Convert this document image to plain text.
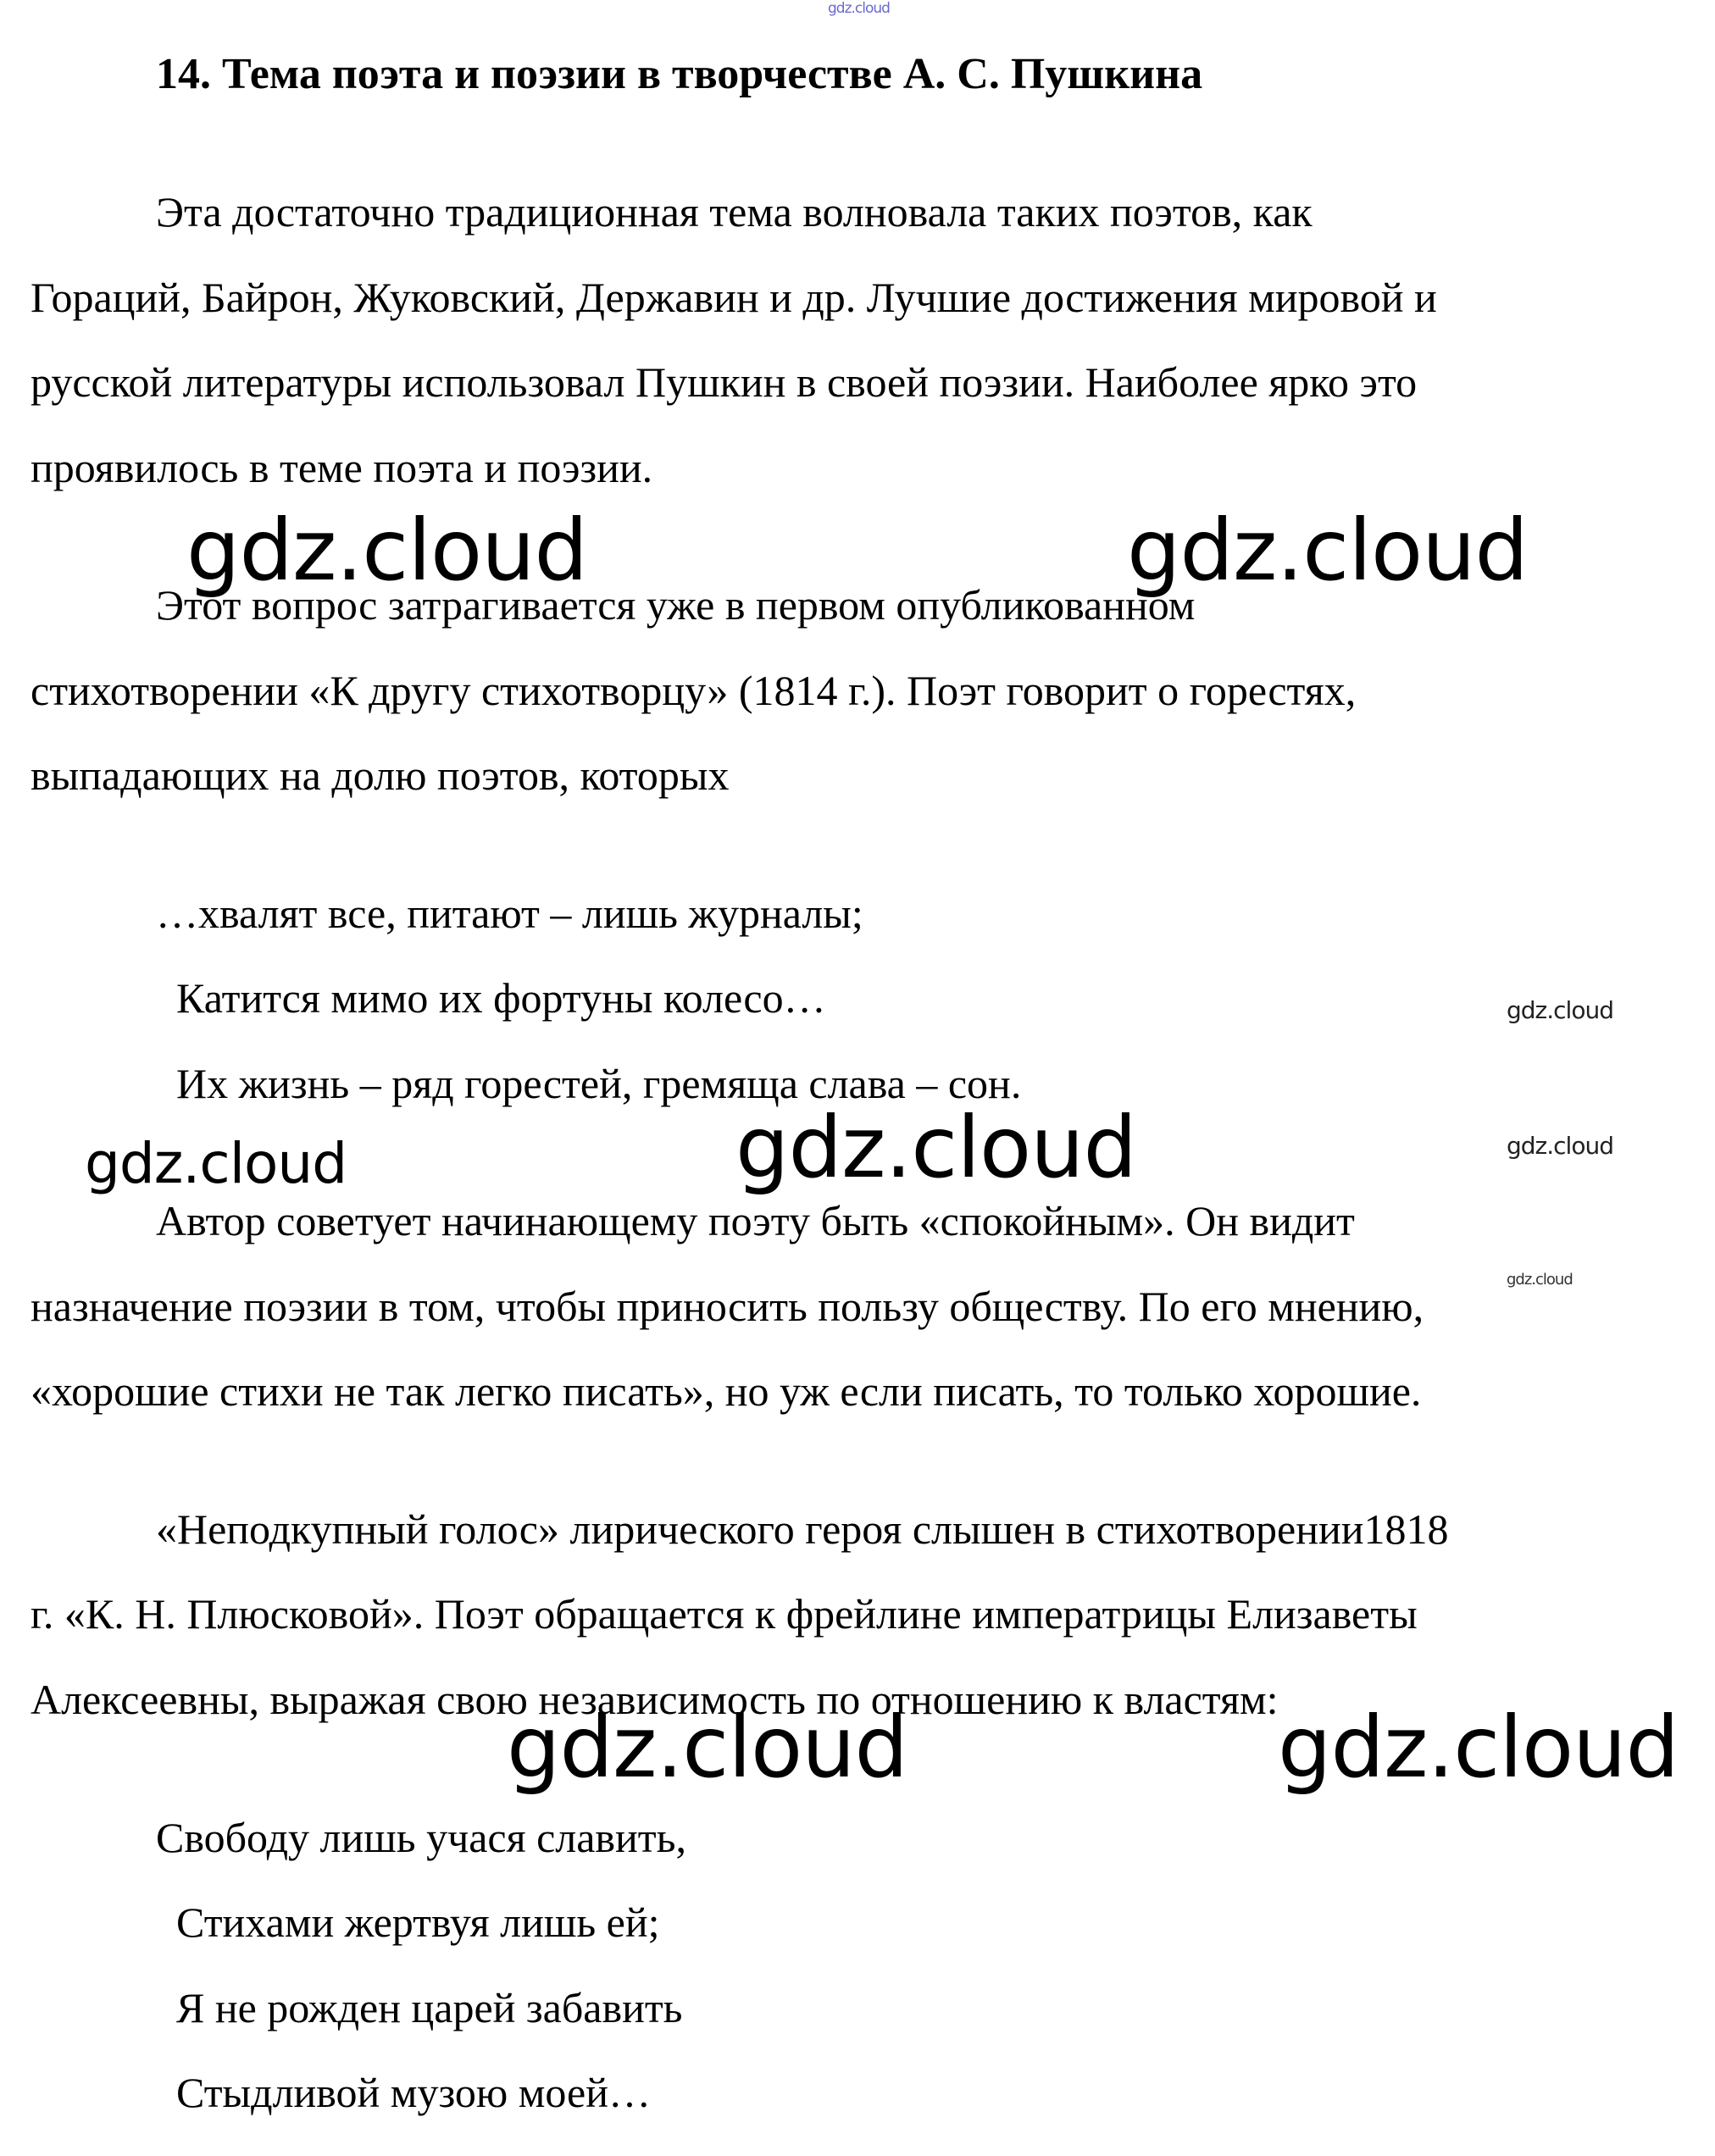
gdz.cloud
14. Тема поэта и поэзии в творчестве А. С. Пушкина

Эта достаточно традиционная тема волновала таких поэтов, как

Гораций, Байрон, Жуковский, Державин и др. Лучшие достижения мировой и

русской литературы использовал Пушкин в своей поэзии. Наиболее ярко это

проявилось в теме поэта и поэзии.

Этот вопрос затрагивается уже в первом опубликованном

стихотворении «К другу стихотворцу» (1814 г.). Поэт говорит о горестях,

выпадающих на долю поэтов, которых

…хвалят все, питают – лишь журналы;

Катится мимо их фортуны колесо…

Их жизнь – ряд горестей, гремяща слава – сон.

Автор советует начинающему поэту быть «спокойным». Он видит

назначение поэзии в том, чтобы приносить пользу обществу. По его мнению,

«хорошие стихи не так легко писать», но уж если писать, то только хорошие.

«Неподкупный голос» лирического героя слышен в стихотворении1818

г. «К. Н. Плюсковой». Поэт обращается к фрейлине императрицы Елизаветы

Алексеевны, выражая свою независимость по отношению к властям:

Свободу лишь учася славить,

Стихами жертвуя лишь ей;

Я не рожден царей забавить

Стыдливой музою моей…

gdz.cloud	gdz.cloud
gdz.cloud
gdz.cloud
gdz.cloud	gdz.cloud
gdz.cloud
gdz.cloud	gdz.cloud
